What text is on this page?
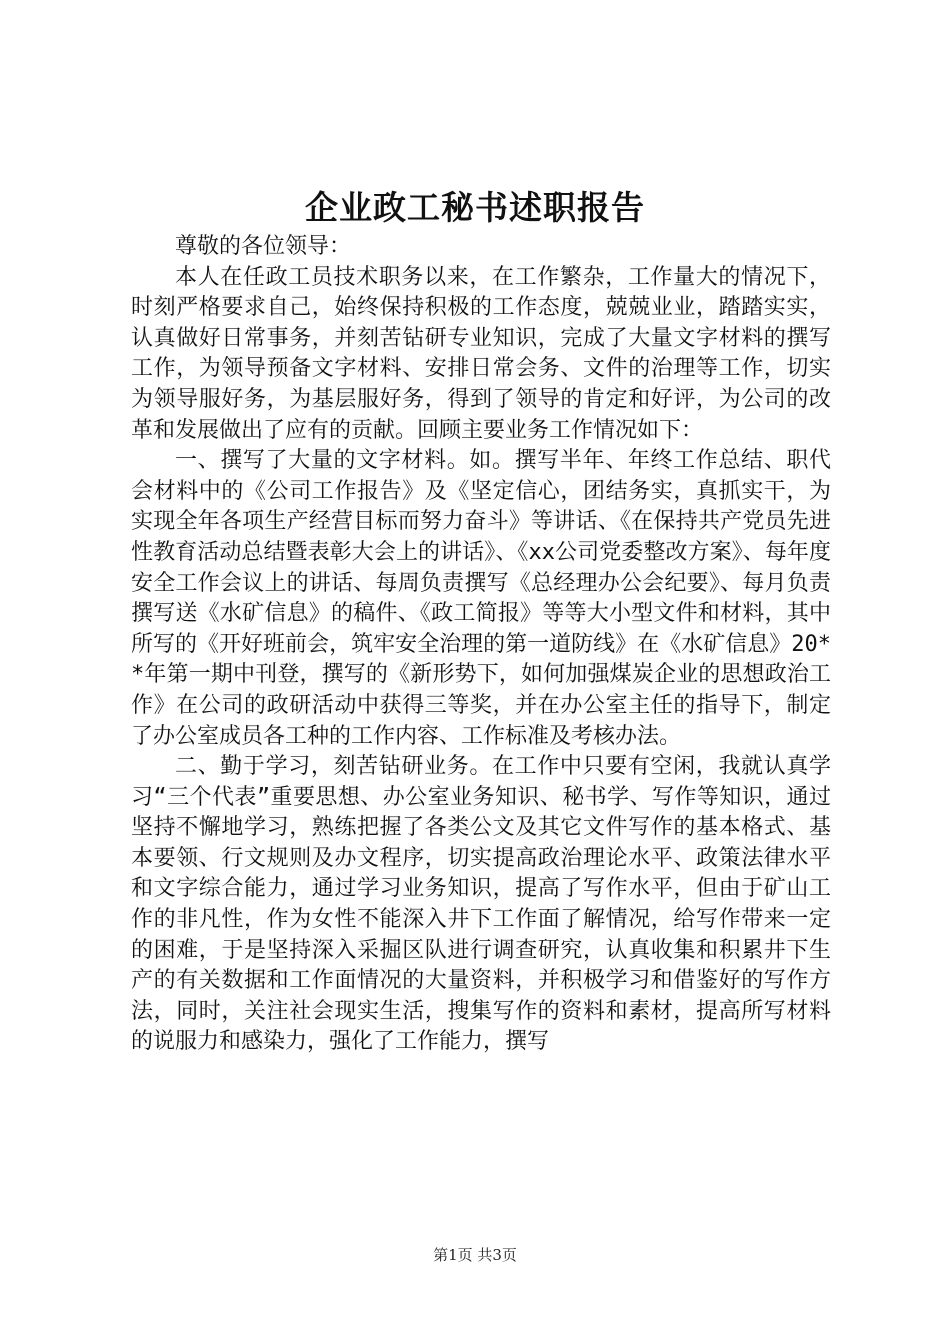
企业政工秘书述职报告

尊敬的各位领导：

本人在任政工员技术职务以来，在工作繁杂，工作量大的情况下，时刻严格要求自己，始终保持积极的工作态度，兢兢业业，踏踏实实，认真做好日常事务，并刻苦钻研专业知识，完成了大量文字材料的撰写工作，为领导预备文字材料、安排日常会务、文件的治理等工作，切实为领导服好务，为基层服好务，得到了领导的肯定和好评，为公司的改革和发展做出了应有的贡献。回顾主要业务工作情况如下：

一、撰写了大量的文字材料。如。撰写半年、年终工作总结、职代会材料中的《公司工作报告》及《坚定信心，团结务实，真抓实干，为实现全年各项生产经营目标而努力奋斗》等讲话、《在保持共产党员先进性教育活动总结暨表彰大会上的讲话》、《xx公司党委整改方案》、每年度安全工作会议上的讲话、每周负责撰写《总经理办公会纪要》、每月负责撰写送《水矿信息》的稿件、《政工简报》等等大小型文件和材料，其中所写的《开好班前会，筑牢安全治理的第一道防线》在《水矿信息》20**年第一期中刊登，撰写的《新形势下，如何加强煤炭企业的思想政治工作》在公司的政研活动中获得三等奖，并在办公室主任的指导下，制定了办公室成员各工种的工作内容、工作标准及考核办法。

二、勤于学习，刻苦钻研业务。在工作中只要有空闲，我就认真学习“三个代表”重要思想、办公室业务知识、秘书学、写作等知识，通过坚持不懈地学习，熟练把握了各类公文及其它文件写作的基本格式、基本要领、行文规则及办文程序，切实提高政治理论水平、政策法律水平和文字综合能力，通过学习业务知识，提高了写作水平，但由于矿山工作的非凡性，作为女性不能深入井下工作面了解情况，给写作带来一定的困难，于是坚持深入采掘区队进行调查研究，认真收集和积累井下生产的有关数据和工作面情况的大量资料，并积极学习和借鉴好的写作方法，同时，关注社会现实生活，搜集写作的资料和素材，提高所写材料的说服力和感染力，强化了工作能力，撰写

第1页 共3页
